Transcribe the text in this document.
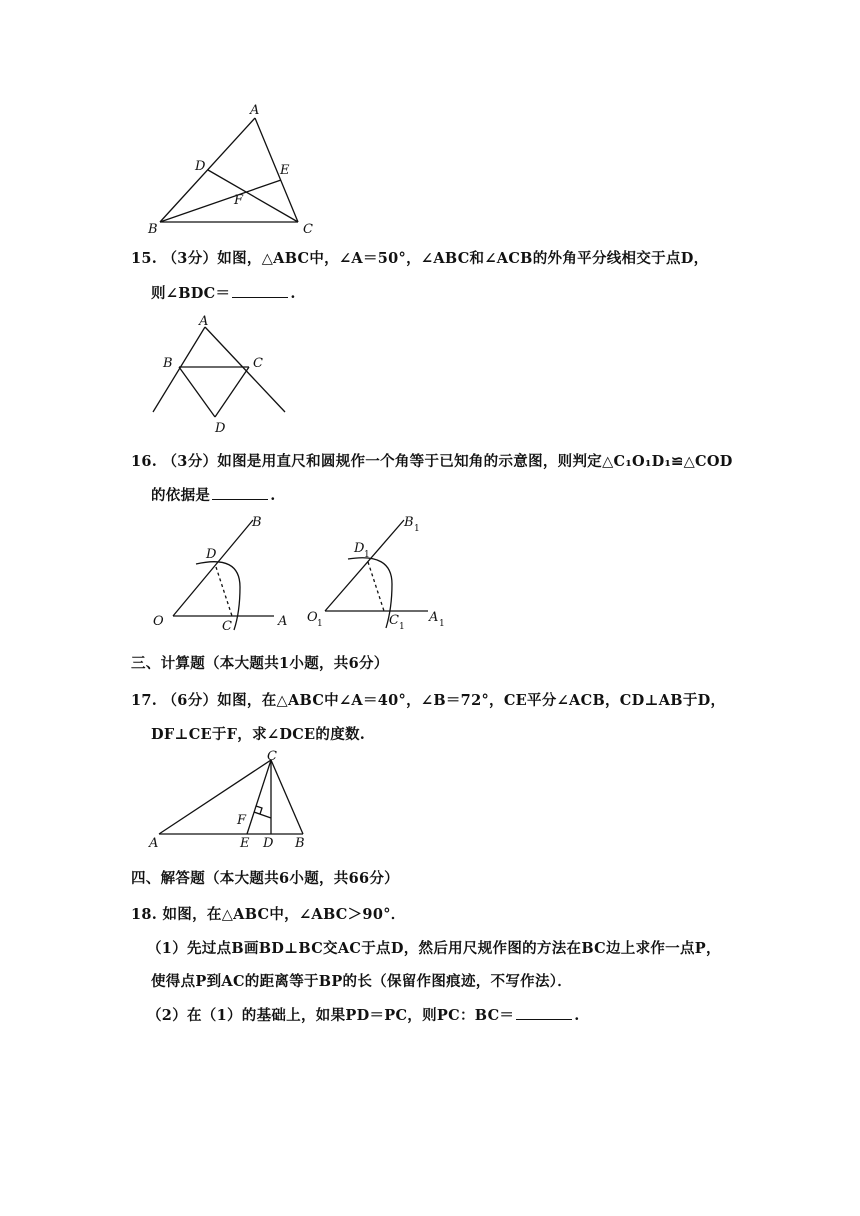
A
B	C
D	E
F
15. （3分）如图，△ABC中，∠A＝50°，∠ABC和∠ACB的外角平分线相交于点D，
则∠BDC＝	.
A
B	C
D
16. （3分）如图是用直尺和圆规作一个角等于已知角的示意图，则判定△C₁O₁D₁≌△COD
的依据是	.
O	A
B
C
D
O 1	A 1
B 1
C 1
D 1
三、计算题（本大题共1小题，共6分）
17. （6分）如图，在△ABC中∠A＝40°，∠B＝72°，CE平分∠ACB，CD⊥AB于D，
DF⊥CE于F，求∠DCE的度数.
A	B
C
D
E
F
四、解答题（本大题共6小题，共66分）
18. 如图，在△ABC中，∠ABC＞90°．
（1）先过点B画BD⊥BC交AC于点D，然后用尺规作图的方法在BC边上求作一点P，
使得点P到AC的距离等于BP的长（保留作图痕迹，不写作法）．
（2）在（1）的基础上，如果PD＝PC，则PC：BC＝	.
